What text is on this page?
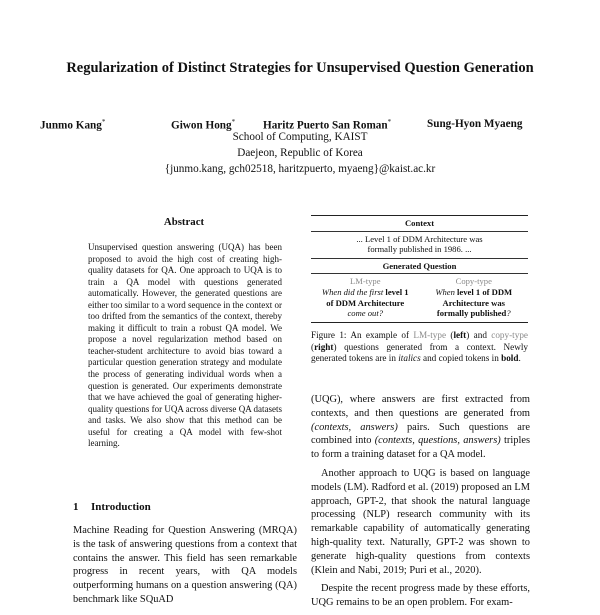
Regularization of Distinct Strategies for Unsupervised Question Generation
Junmo Kang*	Giwon Hong* Haritz Puerto San Roman*	Sung-Hyon Myaeng
School of Computing, KAIST
Daejeon, Republic of Korea
{junmo.kang, gch02518, haritzpuerto, myaeng}@kaist.ac.kr
Abstract

Unsupervised question answering (UQA) has been proposed to avoid the high cost of creating high-quality datasets for QA. One approach to UQA is to train a QA model with questions generated automatically. However, the generated questions are either too similar to a word sequence in the context or too drifted from the semantics of the context, thereby making it difficult to train a robust QA model. We propose a novel regularization method based on teacher-student architecture to avoid bias toward a particular question generation strategy and modulate the process of generating individual words when a question is generated. Our experiments demonstrate that we have achieved the goal of generating higher-quality questions for UQA across diverse QA datasets and tasks. We also show that this method can be useful for creating a QA model with few-shot learning.

1 Introduction

Machine Reading for Question Answering (MRQA) is the task of answering questions from a context that contains the answer. This field has seen remarkable progress in recent years, with QA models outperforming humans on a question answering (QA) benchmark like SQuAD

Context
... Level 1 of DDM Architecture was
formally published in 1986. ...
Generated Question
LM-type
When did the first level 1
of DDM Architecture
come out?
Copy-type
When level 1 of DDM
Architecture was
formally published?

Figure 1: An example of LM-type (left) and copy-type (right) questions generated from a context. Newly generated tokens are in italics and copied tokens in bold.

(UQG), where answers are first extracted from contexts, and then questions are generated from (contexts, answers) pairs. Such questions are combined into (contexts, questions, answers) triples to form a training dataset for a QA model.

Another approach to UQG is based on language models (LM). Radford et al. (2019) proposed an LM approach, GPT-2, that shook the natural language processing (NLP) research community with its remarkable capability of automatically generating high-quality text. Naturally, GPT-2 was shown to generate high-quality questions from contexts (Klein and Nabi, 2019; Puri et al., 2020).

Despite the recent progress made by these efforts, UQG remains to be an open problem. For exam-
